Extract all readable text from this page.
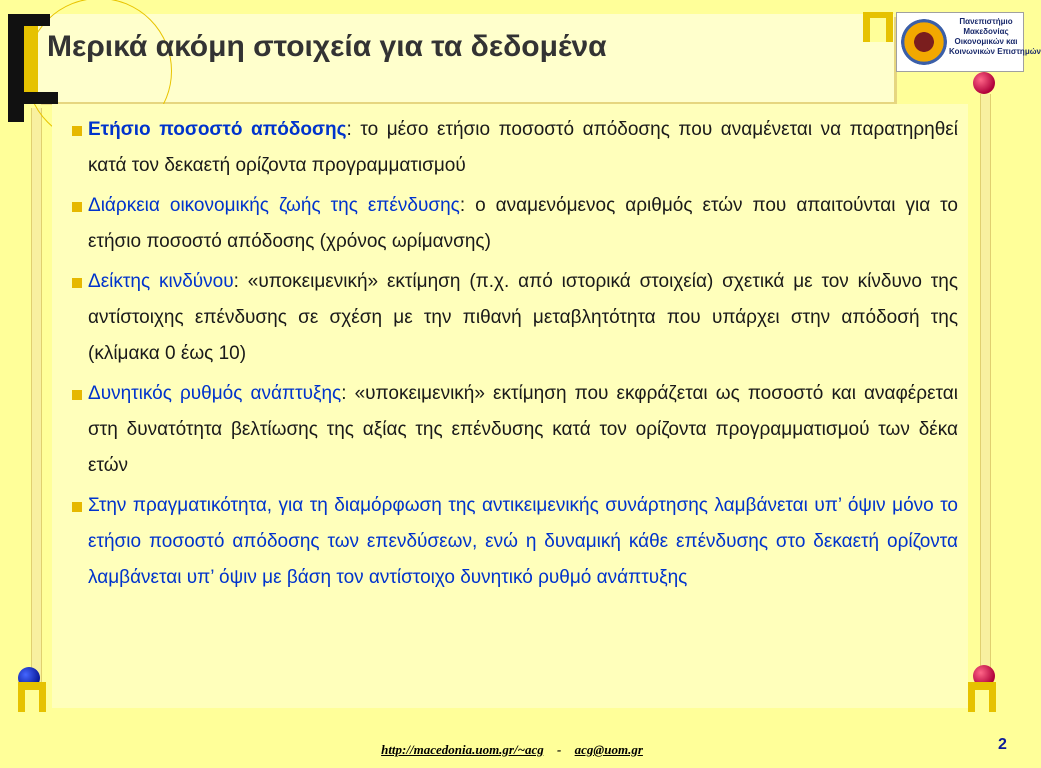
Μερικά ακόμη στοιχεία για τα δεδομένα
Πανεπιστήμιο
Μακεδονίας
Οικονομικών και
Κοινωνικών Επιστημών
Ετήσιο ποσοστό απόδοσης: το μέσο ετήσιο ποσοστό απόδοσης που αναμένεται να παρατηρηθεί κατά τον δεκαετή ορίζοντα προγραμματισμού
Διάρκεια οικονομικής ζωής της επένδυσης: ο αναμενόμενος αριθμός ετών που απαιτούνται για το ετήσιο ποσοστό απόδοσης (χρόνος ωρίμανσης)
Δείκτης κινδύνου: «υποκειμενική» εκτίμηση (π.χ. από ιστορικά στοιχεία) σχετικά με τον κίνδυνο της αντίστοιχης επένδυσης σε σχέση με την πιθανή μεταβλητότητα που υπάρχει στην απόδοσή της (κλίμακα 0 έως 10)
Δυνητικός ρυθμός ανάπτυξης: «υποκειμενική» εκτίμηση που εκφράζεται ως ποσοστό και αναφέρεται στη δυνατότητα βελτίωσης της αξίας της επένδυσης κατά τον ορίζοντα προγραμματισμού των δέκα ετών
Στην πραγματικότητα, για τη διαμόρφωση της αντικειμενικής συνάρτησης λαμβάνεται υπ’ όψιν μόνο το ετήσιο ποσοστό απόδοσης των επενδύσεων, ενώ η δυναμική κάθε επένδυσης στο δεκαετή ορίζοντα λαμβάνεται υπ’ όψιν με βάση τον αντίστοιχο δυνητικό ρυθμό ανάπτυξης
http://macedonia.uom.gr/~acg - acg@uom.gr	2
